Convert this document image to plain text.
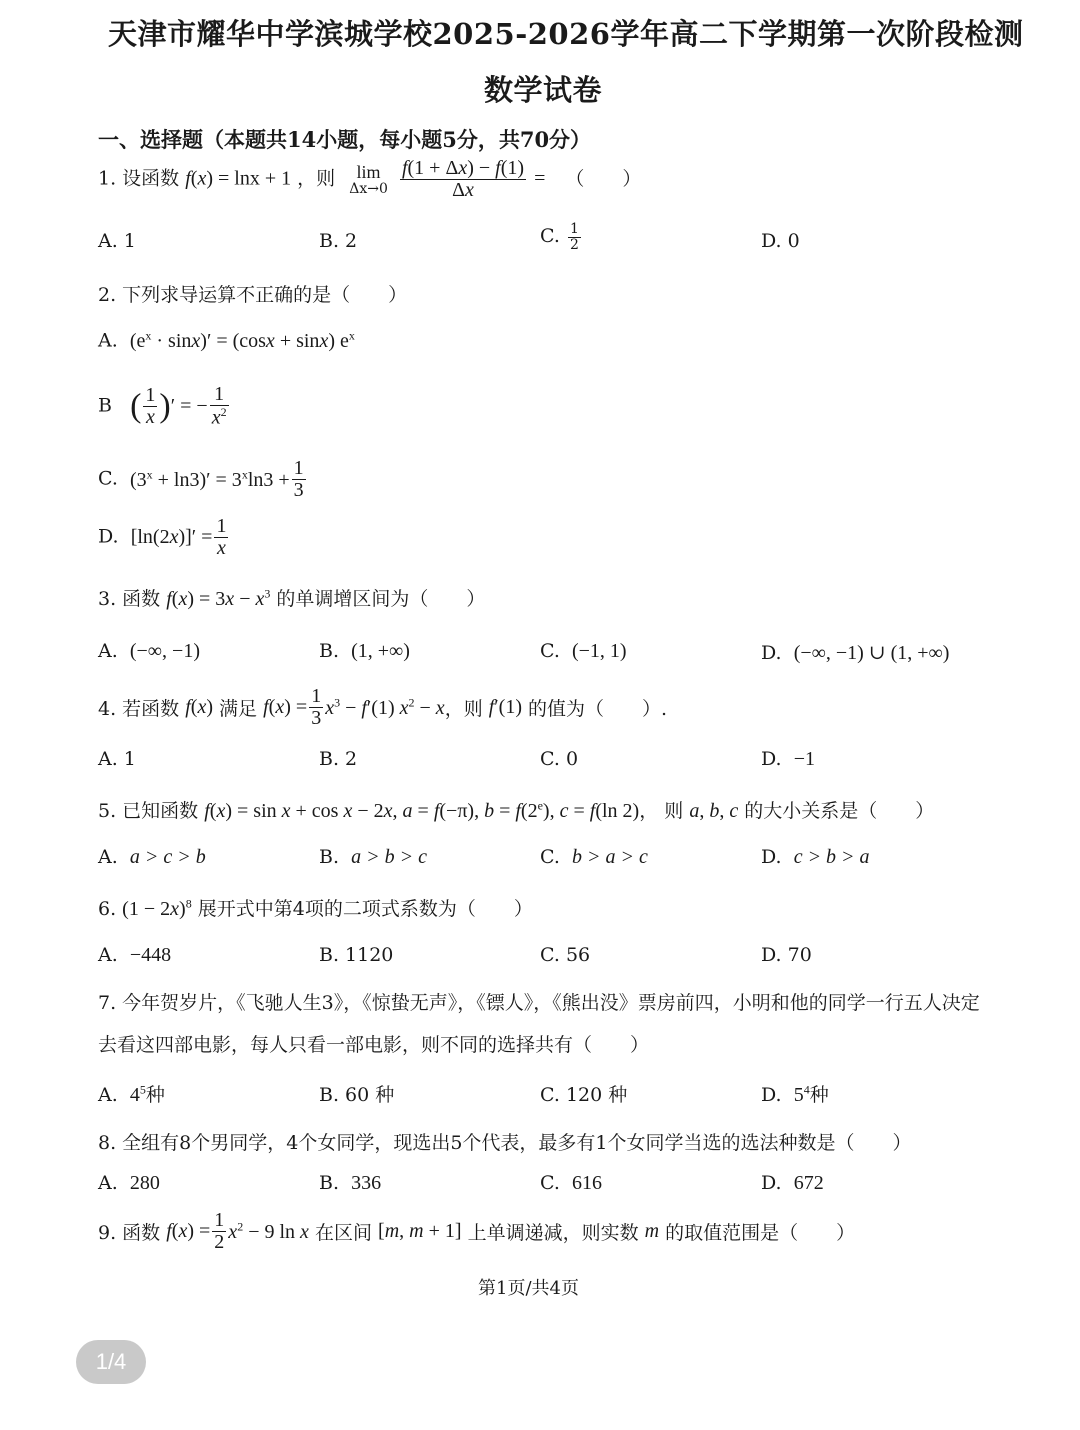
天津市耀华中学滨城学校2025-2026学年高二下学期第一次阶段检测
数学试卷
一、选择题（本题共14小题，每小题5分，共70分）
1. 设函数 f(x) = lnx + 1 ，则	lim
Δx→0
$\frac{f(1 + \Delta x) - f(1)}{\Delta x}$ = （　　）
A. 1	B. 2	C. $\frac{1}{2}$	D. 0
2. 下列求导运算不正确的是（　　）
A.  $(e^x \cdot \sin x)' = (\cos x + \sin x)$ $e^x$
B   ( $\frac{1}{x}$ )′ = − $\frac{1}{x^2}$
C.  $(3^x + \ln 3)' = 3^x\ln 3 + \frac{1}{3}$
D.  $[\ln(2x)]' = \frac{1}{x}$
3. 函数 $f(x) = 3x - x^3$ 的单调增区间为（　　）
A.  (−∞, −1)	B.  (1, +∞)	C.  (−1, 1)	D.  (−∞, −1) ∪ (1, +∞)
4. 若函数 f(x) 满足 $f(x) = \frac{1}{3} x^3 - f'(1) x^2 - x$，则 f′(1) 的值为（　　）.
A. 1	B. 2	C. 0	D.  −1
5. 已知函数 f(x) = sin x + cos x − 2x, a = f(−π), $b = f(2^e)$, c = f(ln 2)， 则 a, b, c 的大小关系是（　　）
A.  a > c > b	B.  a > b > c	C.  b > a > c	D.  c > b > a
6. $(1 - 2x)^8$ 展开式中第4项的二项式系数为（　　）
A.  −448	B. 1120	C. 56	D. 70
7. 今年贺岁片，《飞驰人生3》，《惊蛰无声》，《镖人》，《熊出没》票房前四，小明和他的同学一行五人决定
去看这四部电影，每人只看一部电影，则不同的选择共有（　　）
A.  $4^5$种	B. 60 种	C. 120 种	D.  $5^4$种
8. 全组有8个男同学，4个女同学，现选出5个代表，最多有1个女同学当选的选法种数是（　　）
A.  280	B.  336	C.  616	D.  672
9. 函数 $f(x) = \frac{1}{2} x^2 - 9$ ln x 在区间 [m, m + 1] 上单调递减，则实数 m 的取值范围是（　　）
第1页/共4页
1/4
